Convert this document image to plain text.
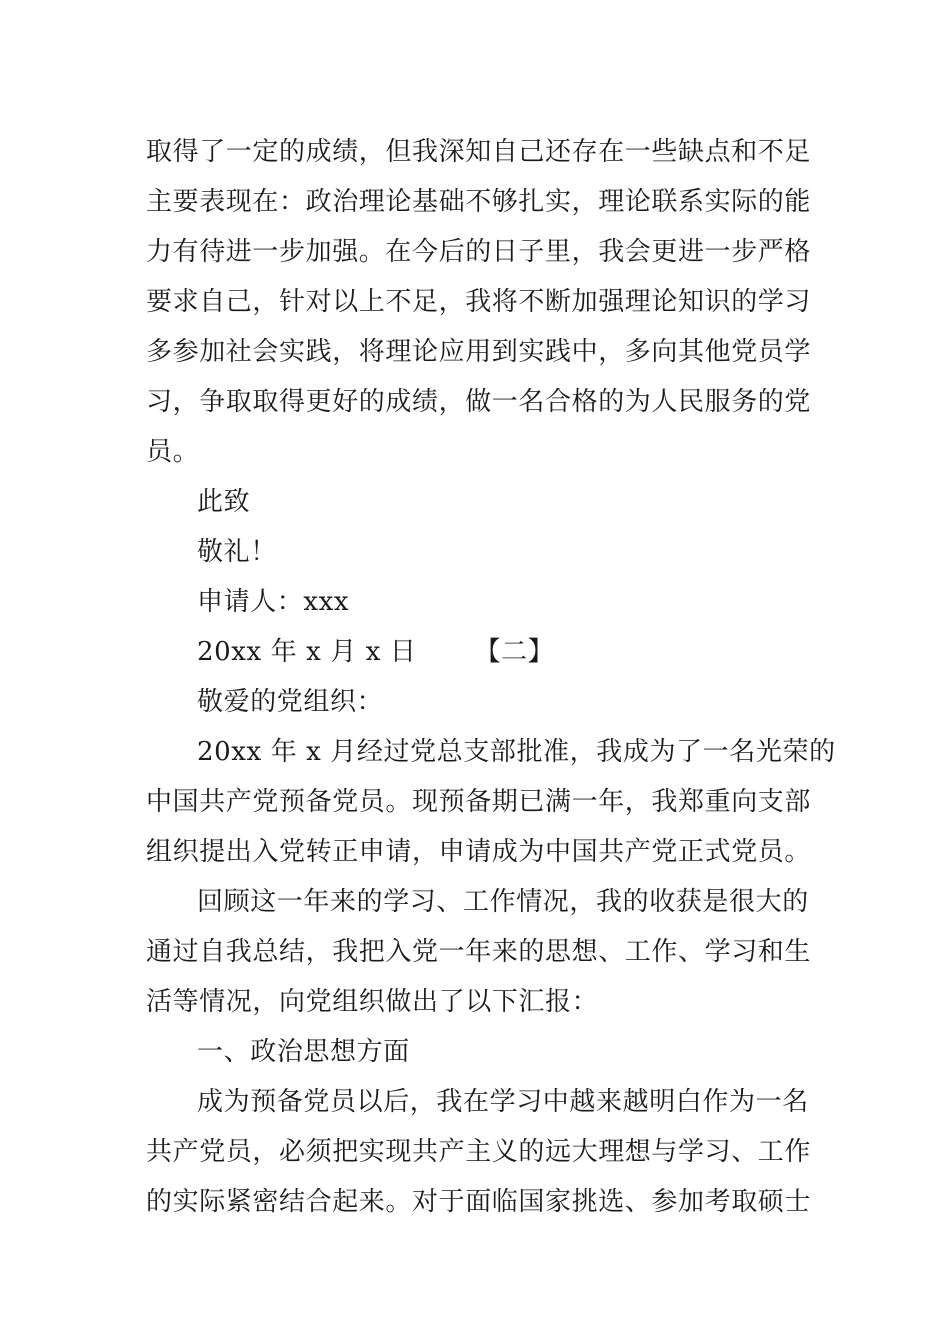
取得了一定的成绩，但我深知自己还存在一些缺点和不足
主要表现在：政治理论基础不够扎实，理论联系实际的能
力有待进一步加强。在今后的日子里，我会更进一步严格
要求自己，针对以上不足，我将不断加强理论知识的学习
多参加社会实践，将理论应用到实践中，多向其他党员学
习，争取取得更好的成绩，做一名合格的为人民服务的党
员。
此致
敬礼！
申请人：xxx
20xx 年 x 月 x 日 【二】
敬爱的党组织：
20xx 年 x 月经过党总支部批准，我成为了一名光荣的
中国共产党预备党员。现预备期已满一年，我郑重向支部
组织提出入党转正申请，申请成为中国共产党正式党员。
回顾这一年来的学习、工作情况，我的收获是很大的
通过自我总结，我把入党一年来的思想、工作、学习和生
活等情况，向党组织做出了以下汇报：
一、政治思想方面
成为预备党员以后，我在学习中越来越明白作为一名
共产党员，必须把实现共产主义的远大理想与学习、工作
的实际紧密结合起来。对于面临国家挑选、参加考取硕士
